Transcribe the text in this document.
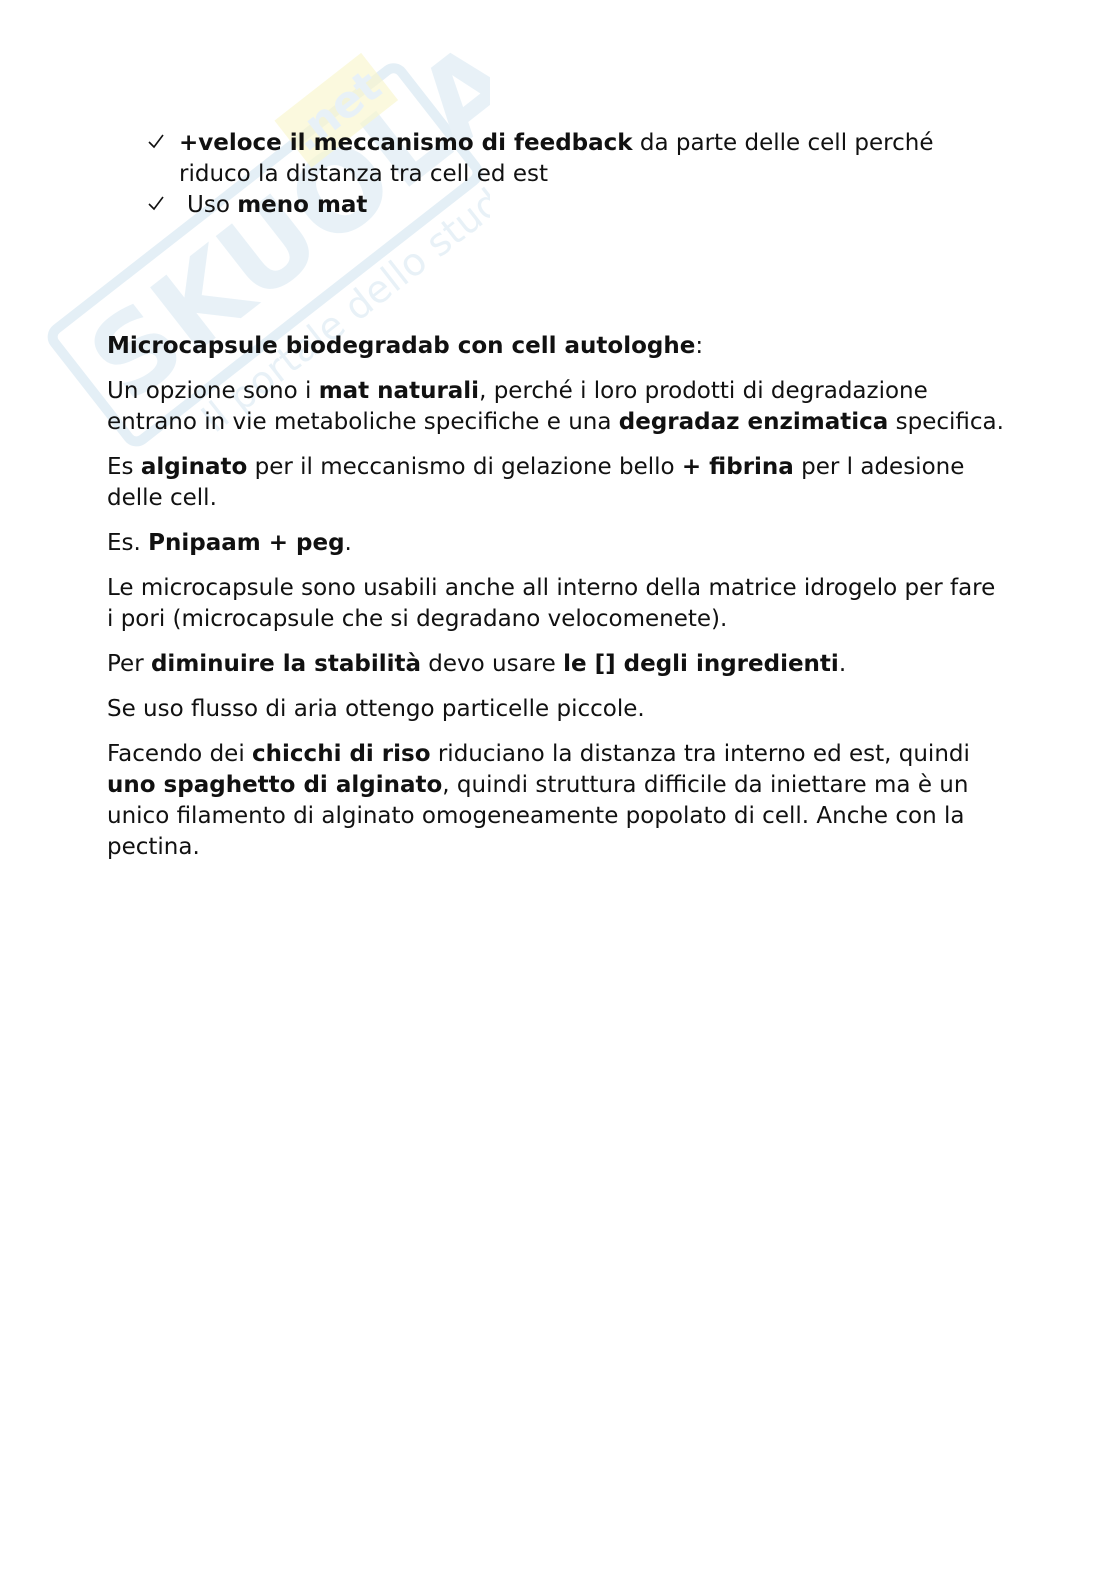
SKUOLA
.net
Il portale dello studente
+veloce il meccanismo di feedback da parte delle cell perché
riduco la distanza tra cell ed est
Uso meno mat

Microcapsule biodegradab con cell autologhe:

Un opzione sono i mat naturali, perché i loro prodotti di degradazione entrano in vie metaboliche specifiche e una degradaz enzimatica specifica.

Es alginato per il meccanismo di gelazione bello + fibrina per l adesione delle cell.

Es. Pnipaam + peg.

Le microcapsule sono usabili anche all interno della matrice idrogelo per fare i pori (microcapsule che si degradano velocomenete).

Per diminuire la stabilità devo usare le [] degli ingredienti.

Se uso flusso di aria ottengo particelle piccole.

Facendo dei chicchi di riso riduciano la distanza tra interno ed est, quindi uno spaghetto di alginato, quindi struttura difficile da iniettare ma è un unico filamento di alginato omogeneamente popolato di cell. Anche con la pectina.
